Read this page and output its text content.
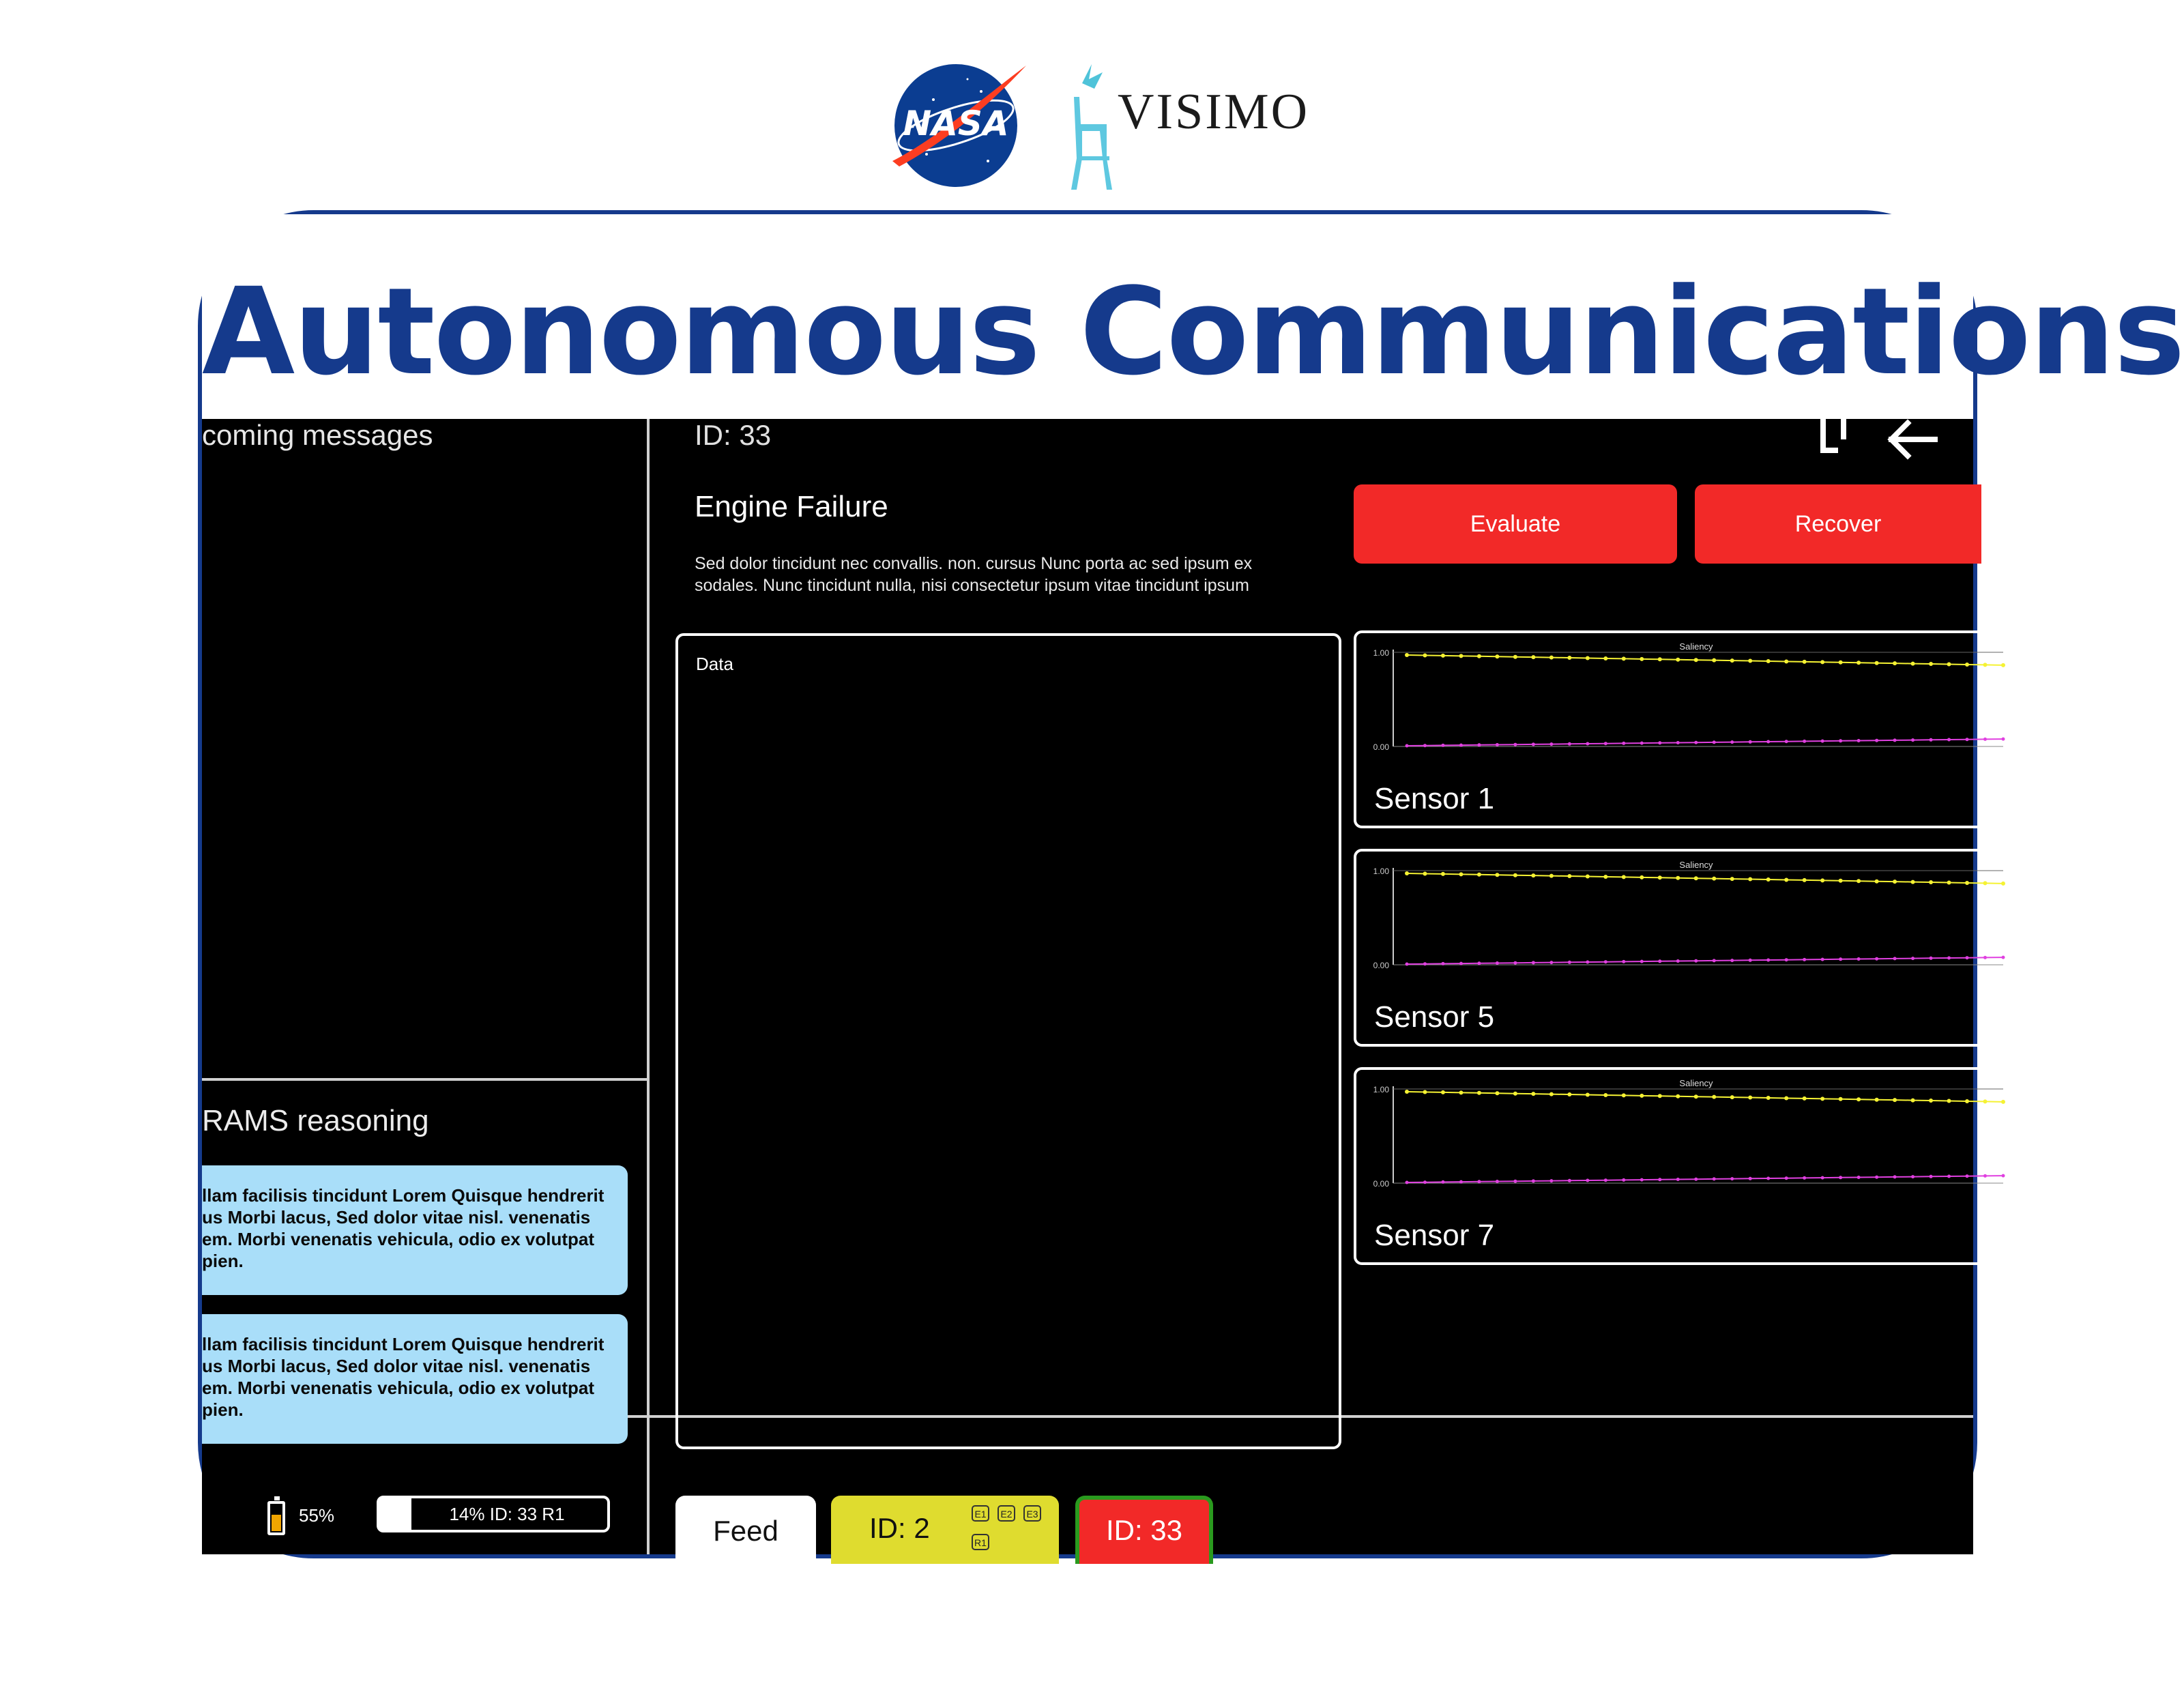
NASA VISIMO
Autonomous Communications
coming messages
RAMS reasoning
llam facilisis tincidunt Lorem Quisque hendrerit
us Morbi lacus, Sed dolor vitae nisl. venenatis
em. Morbi venenatis vehicula, odio ex volutpat
pien.
llam facilisis tincidunt Lorem Quisque hendrerit
us Morbi lacus, Sed dolor vitae nisl. venenatis
em. Morbi venenatis vehicula, odio ex volutpat
pien.
55%	14% ID: 33 R1
ID: 33
Engine Failure
Sed dolor tincidunt nec convallis. non. cursus Nunc porta ac sed ipsum ex
sodales. Nunc tincidunt nulla, nisi consectetur ipsum vitae tincidunt ipsum
Evaluate	Recover
Data
Saliency
1.00
0.00
Sensor 1
Saliency
1.00
0.00
Sensor 5
Saliency
1.00
0.00
Sensor 7
Feed	ID: 2	E1	E2	E3
R1	ID: 33
